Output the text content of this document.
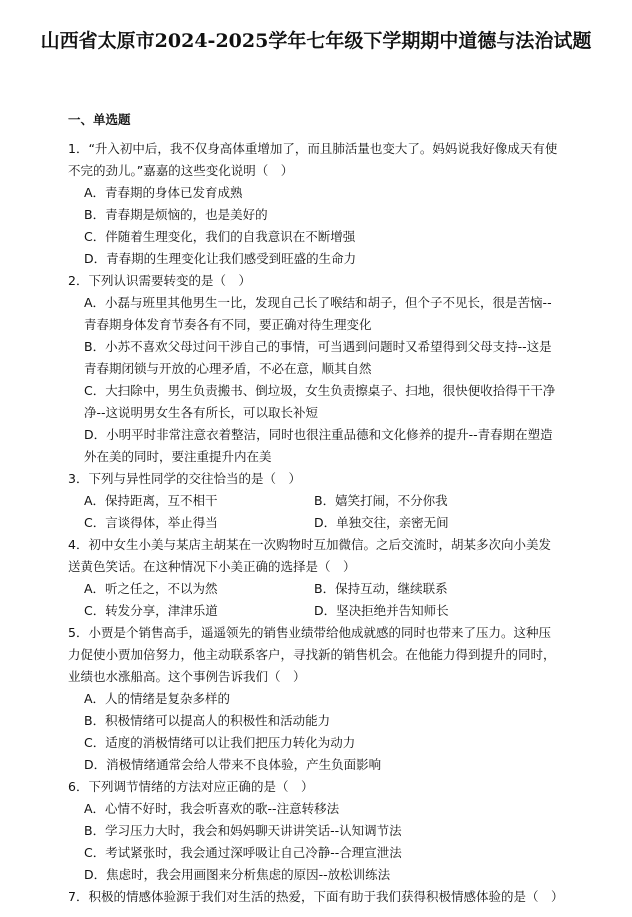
山西省太原市2024-2025学年七年级下学期期中道德与法治试题
一、单选题
1．“升入初中后，我不仅身高体重增加了，而且肺活量也变大了。妈妈说我好像成天有使
不完的劲儿。”嘉嘉的这些变化说明（　）
A．青春期的身体已发育成熟
B．青春期是烦恼的，也是美好的
C．伴随着生理变化，我们的自我意识在不断增强
D．青春期的生理变化让我们感受到旺盛的生命力
2．下列认识需要转变的是（　）
A．小磊与班里其他男生一比，发现自己长了喉结和胡子，但个子不见长，很是苦恼--
青春期身体发育节奏各有不同，要正确对待生理变化
B．小苏不喜欢父母过问干涉自己的事情，可当遇到问题时又希望得到父母支持--这是
青春期闭锁与开放的心理矛盾，不必在意，顺其自然
C．大扫除中，男生负责搬书、倒垃圾，女生负责擦桌子、扫地，很快便收拾得干干净
净--这说明男女生各有所长，可以取长补短
D．小明平时非常注意衣着整洁，同时也很注重品德和文化修养的提升--青春期在塑造
外在美的同时，要注重提升内在美
3．下列与异性同学的交往恰当的是（　）
A．保持距离，互不相干	B．嬉笑打闹，不分你我
C．言谈得体，举止得当	D．单独交往，亲密无间
4．初中女生小美与某店主胡某在一次购物时互加微信。之后交流时，胡某多次向小美发
送黄色笑话。在这种情况下小美正确的选择是（　）
A．听之任之，不以为然	B．保持互动，继续联系
C．转发分享，津津乐道	D．坚决拒绝并告知师长
5．小贾是个销售高手，遥遥领先的销售业绩带给他成就感的同时也带来了压力。这种压
力促使小贾加倍努力，他主动联系客户，寻找新的销售机会。在他能力得到提升的同时，
业绩也水涨船高。这个事例告诉我们（　）
A．人的情绪是复杂多样的
B．积极情绪可以提高人的积极性和活动能力
C．适度的消极情绪可以让我们把压力转化为动力
D．消极情绪通常会给人带来不良体验，产生负面影响
6．下列调节情绪的方法对应正确的是（　）
A．心情不好时，我会听喜欢的歌--注意转移法
B．学习压力大时，我会和妈妈聊天讲讲笑话--认知调节法
C．考试紧张时，我会通过深呼吸让自己冷静--合理宣泄法
D．焦虑时，我会用画图来分析焦虑的原因--放松训练法
7．积极的情感体验源于我们对生活的热爱，下面有助于我们获得积极情感体验的是（　）
